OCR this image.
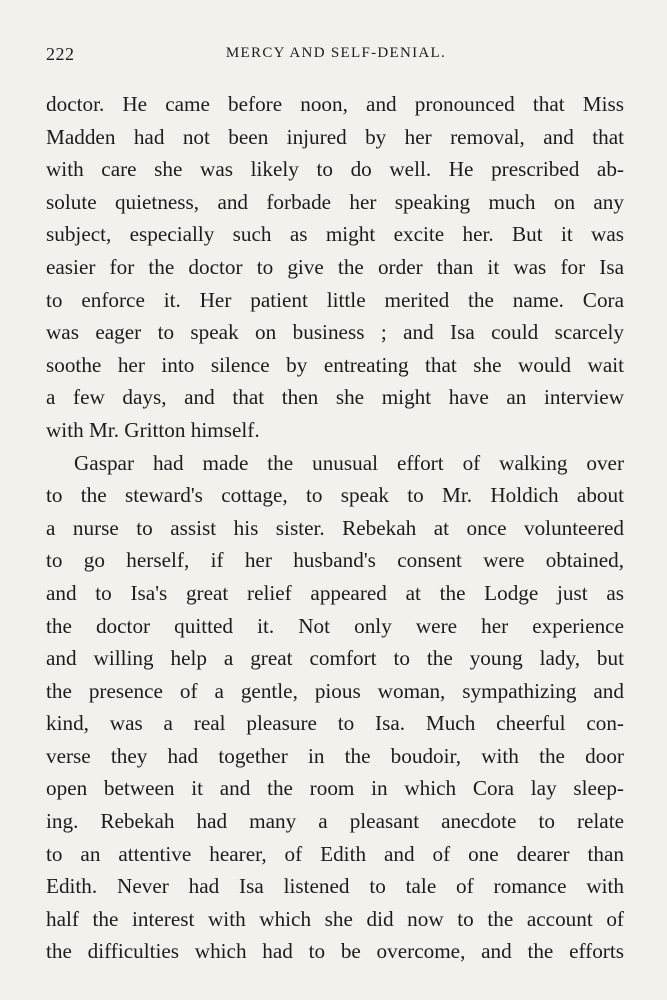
222	MERCY AND SELF-DENIAL.

doctor. He came before noon, and pronounced that Miss
Madden had not been injured by her removal, and that
with care she was likely to do well. He prescribed ab-
solute quietness, and forbade her speaking much on any
subject, especially such as might excite her. But it was
easier for the doctor to give the order than it was for Isa
to enforce it. Her patient little merited the name. Cora
was eager to speak on business ; and Isa could scarcely
soothe her into silence by entreating that she would wait
a few days, and that then she might have an interview
with Mr. Gritton himself.

Gaspar had made the unusual effort of walking over
to the steward's cottage, to speak to Mr. Holdich about
a nurse to assist his sister. Rebekah at once volunteered
to go herself, if her husband's consent were obtained,
and to Isa's great relief appeared at the Lodge just as
the doctor quitted it. Not only were her experience
and willing help a great comfort to the young lady, but
the presence of a gentle, pious woman, sympathizing and
kind, was a real pleasure to Isa. Much cheerful con-
verse they had together in the boudoir, with the door
open between it and the room in which Cora lay sleep-
ing. Rebekah had many a pleasant anecdote to relate
to an attentive hearer, of Edith and of one dearer than
Edith. Never had Isa listened to tale of romance with
half the interest with which she did now to the account of
the difficulties which had to be overcome, and the efforts
